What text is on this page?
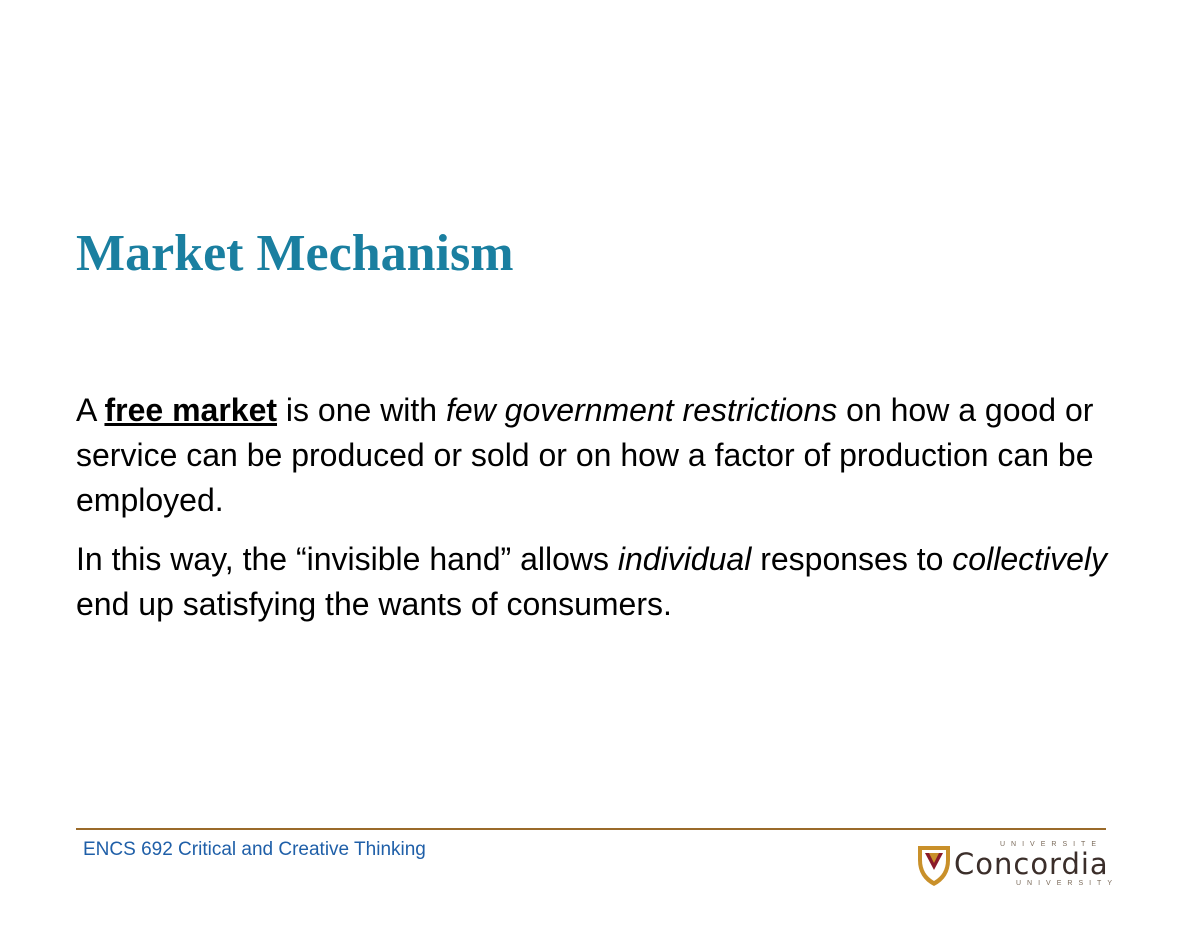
Market Mechanism

A free market is one with few government restrictions on how a good or service can be produced or sold or on how a factor of production can be employed.

In this way, the “invisible hand” allows individual responses to collectively end up satisfying the wants of consumers.

ENCS 692 Critical and Creative Thinking	UNIVERSITE
Concordia
UNIVERSITY
